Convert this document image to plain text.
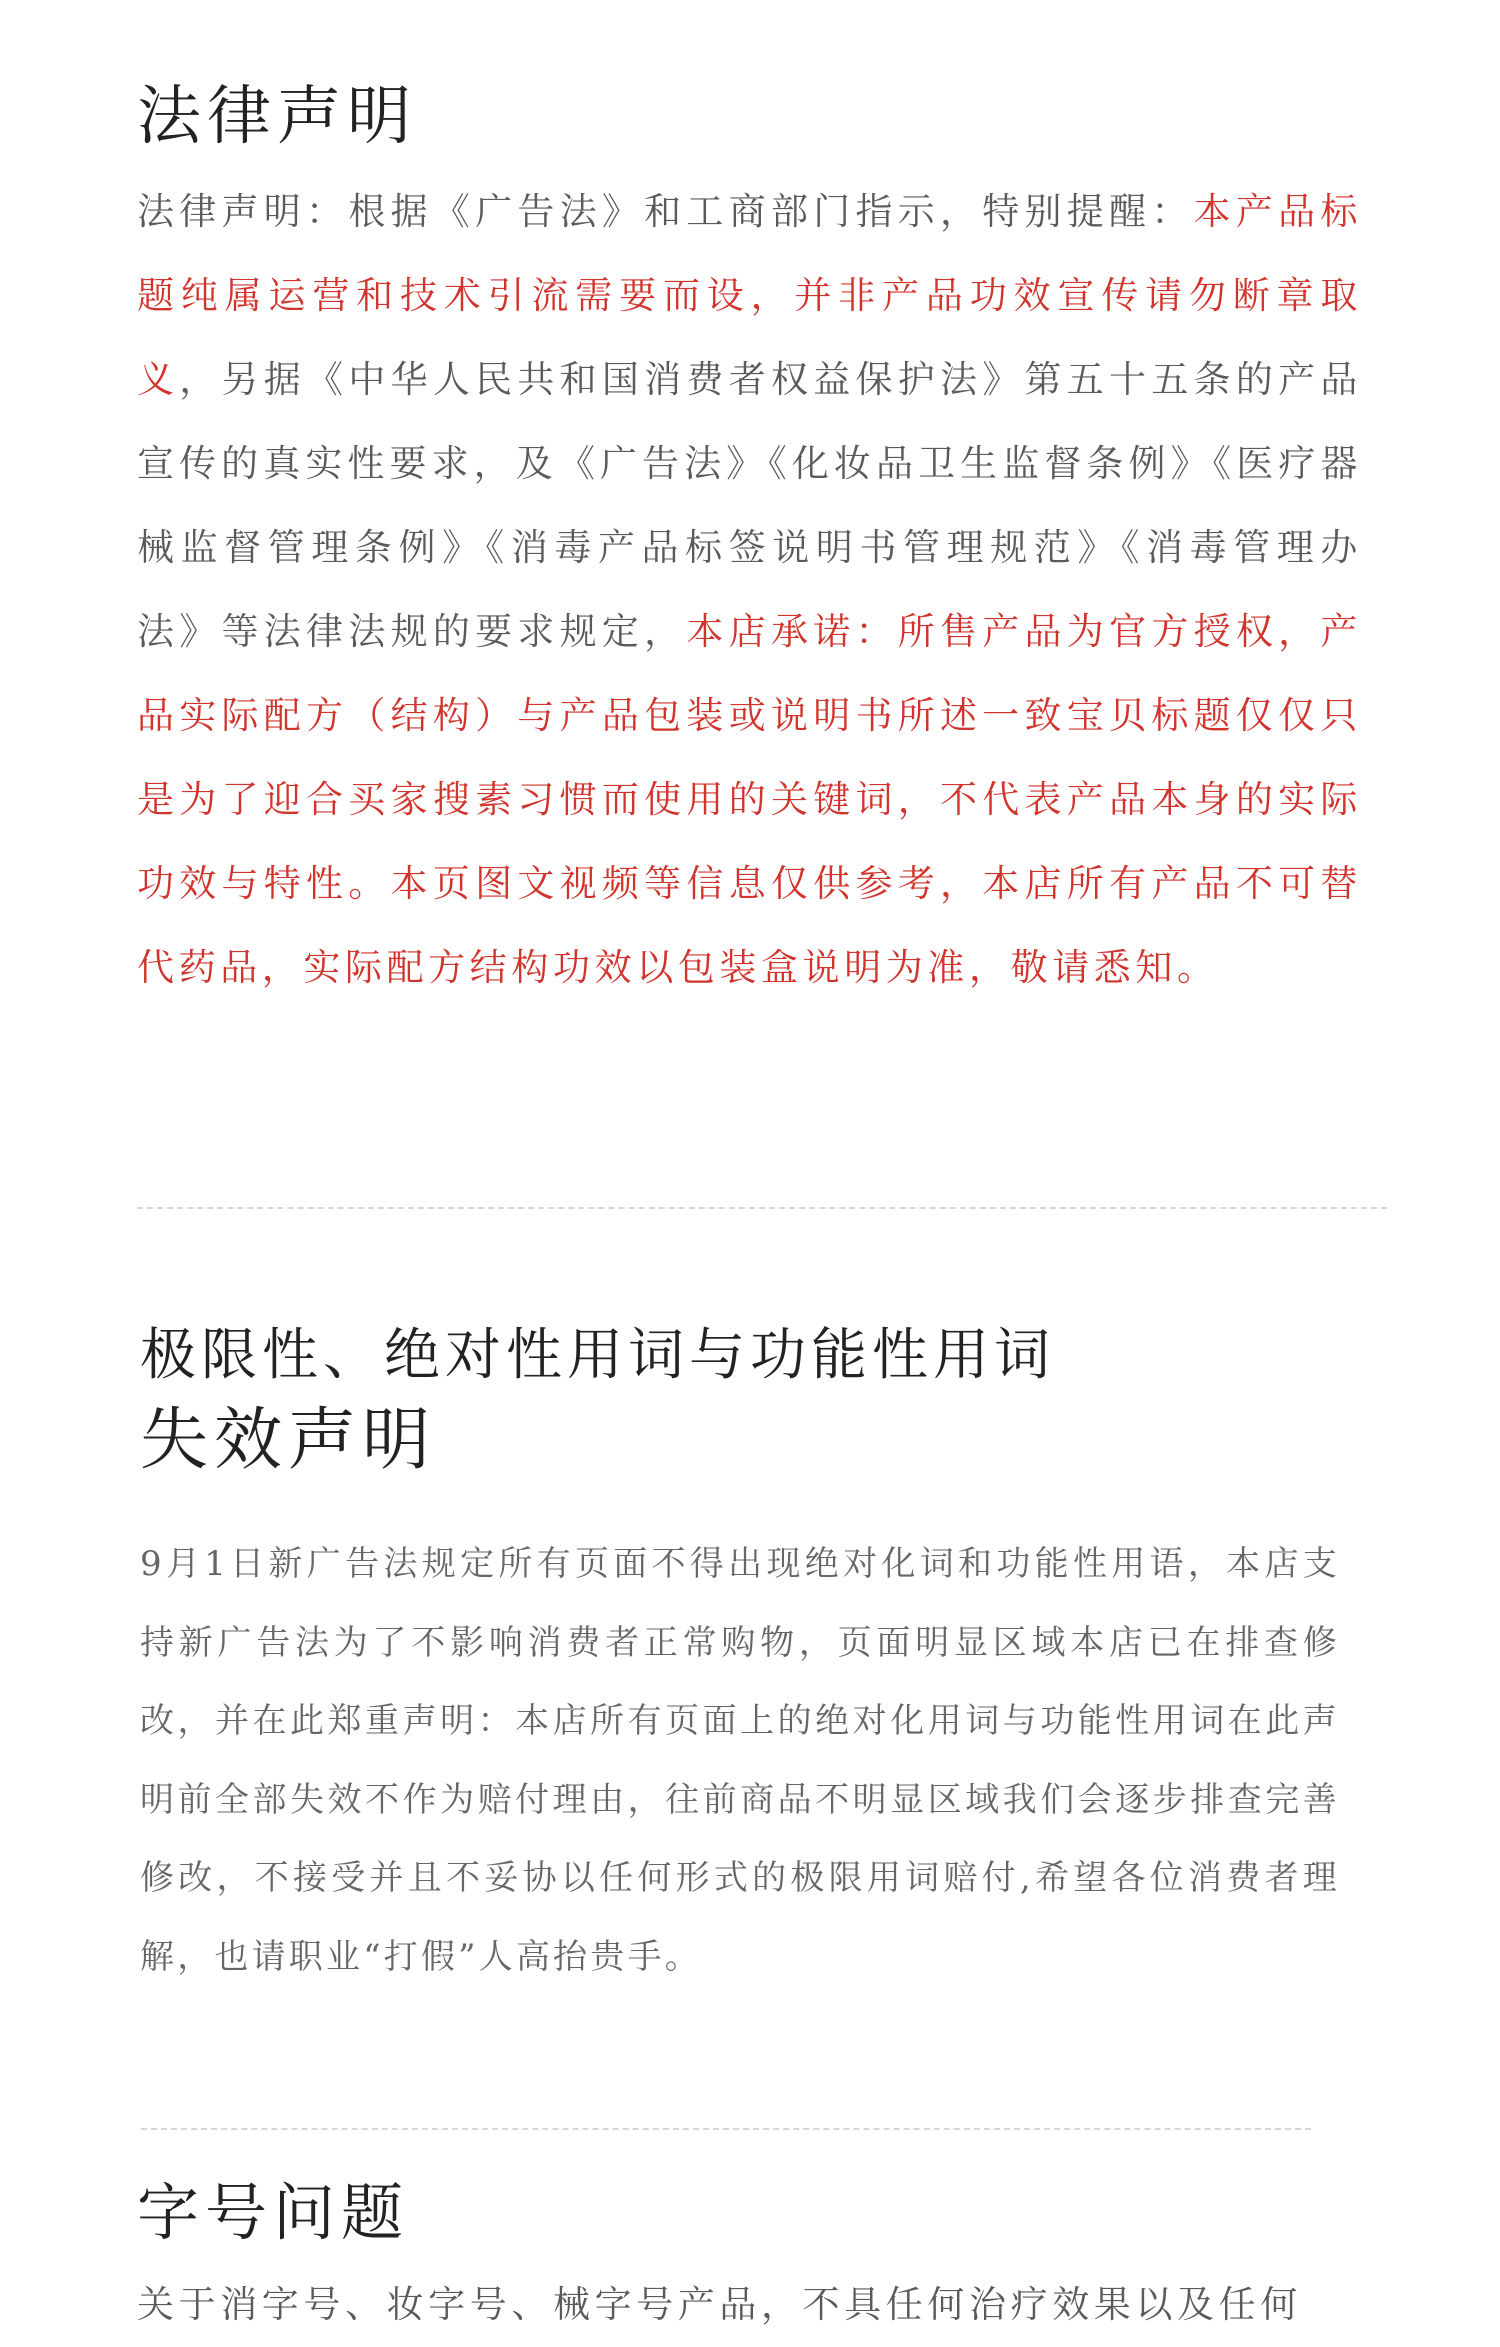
法律声明

法律声明：根据《广告法》和工商部门指示，特别提醒：本产品标题纯属运营和技术引流需要而设，并非产品功效宣传请勿断章取义，另据《中华人民共和国消费者权益保护法》第五十五条的产品宣传的真实性要求，及《广告法》《化妆品卫生监督条例》《医疗器械监督管理条例》《消毒产品标签说明书管理规范》《消毒管理办法》等法律法规的要求规定，本店承诺：所售产品为官方授权，产品实际配方（结构）与产品包装或说明书所述一致宝贝标题仅仅只是为了迎合买家搜素习惯而使用的关键词，不代表产品本身的实际功效与特性。本页图文视频等信息仅供参考，本店所有产品不可替代药品，实际配方结构功效以包装盒说明为准，敬请悉知。

极限性、绝对性用词与功能性用词
失效声明

9月1日新广告法规定所有页面不得出现绝对化词和功能性用语，本店支持新广告法为了不影响消费者正常购物，页面明显区域本店已在排查修改，并在此郑重声明：本店所有页面上的绝对化用词与功能性用词在此声明前全部失效不作为赔付理由，往前商品不明显区域我们会逐步排查完善修改，不接受并且不妥协以任何形式的极限用词赔付,希望各位消费者理解，也请职业“打假”人高抬贵手。

字号问题

关于消字号、妆字号、械字号产品，不具任何治疗效果以及任何
